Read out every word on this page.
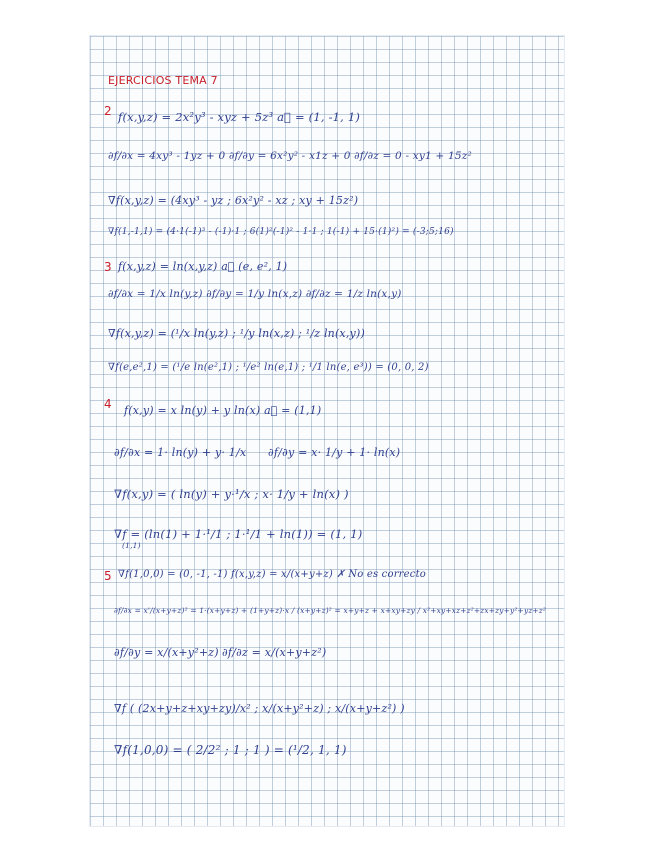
EJERCICIOS TEMA 7
2 f(x,y,z) = 2x²y³ - xyz + 5z³ a⃗ = (1, -1, 1)
∂f/∂x = 4xy³ - 1yz + 0 ∂f/∂y = 6x²y² - x1z + 0 ∂f/∂z = 0 - xy1 + 15z²
∇f(x,y,z) = (4xy³ - yz ; 6x²y² - xz ; xy + 15z²)
∇f(1,-1,1) = (4·1(-1)³ - (-1)·1 ; 6(1)²(-1)² - 1·1 ; 1(-1) + 15·(1)²) = (-3;5;16)
3 f(x,y,z) = ln(x,y,z) a⃗ (e, e², 1)
∂f/∂x = 1/x ln(y,z) ∂f/∂y = 1/y ln(x,z) ∂f/∂z = 1/z ln(x,y)
∇f(x,y,z) = (¹/x ln(y,z) ; ¹/y ln(x,z) ; ¹/z ln(x,y))
∇f(e,e²,1) = (¹/e ln(e²,1) ; ¹/e² ln(e,1) ; ¹/1 ln(e, e³)) = (0, 0, 2)
4 f(x,y) = x ln(y) + y ln(x) a⃗ = (1,1)
∂f/∂x = 1· ln(y) + y· 1/x ∂f/∂y = x· 1/y + 1· ln(x)
∇f(x,y) = ( ln(y) + y·¹/x ; x· 1/y + ln(x) )
∇f = (ln(1) + 1·¹/1 ; 1·¹/1 + ln(1)) = (1, 1)
(1,1)
5 ∇f(1,0,0) = (0, -1, -1) f(x,y,z) = x/(x+y+z) ✗ No es correcto
∂f/∂x = x'/(x+y+z)² = 1·(x+y+z) + (1+y+z)·x / (x+y+z)² = x+y+z + x+xy+zy / x²+xy+xz+z²+zx+zy+y²+yz+z²
∂f/∂y = x/(x+y²+z) ∂f/∂z = x/(x+y+z²)
∇f ( (2x+y+z+xy+zy)/x² ; x/(x+y²+z) ; x/(x+y+z²) )
∇f(1,0,0) = ( 2/2² ; 1 ; 1 ) = (¹/2, 1, 1)
